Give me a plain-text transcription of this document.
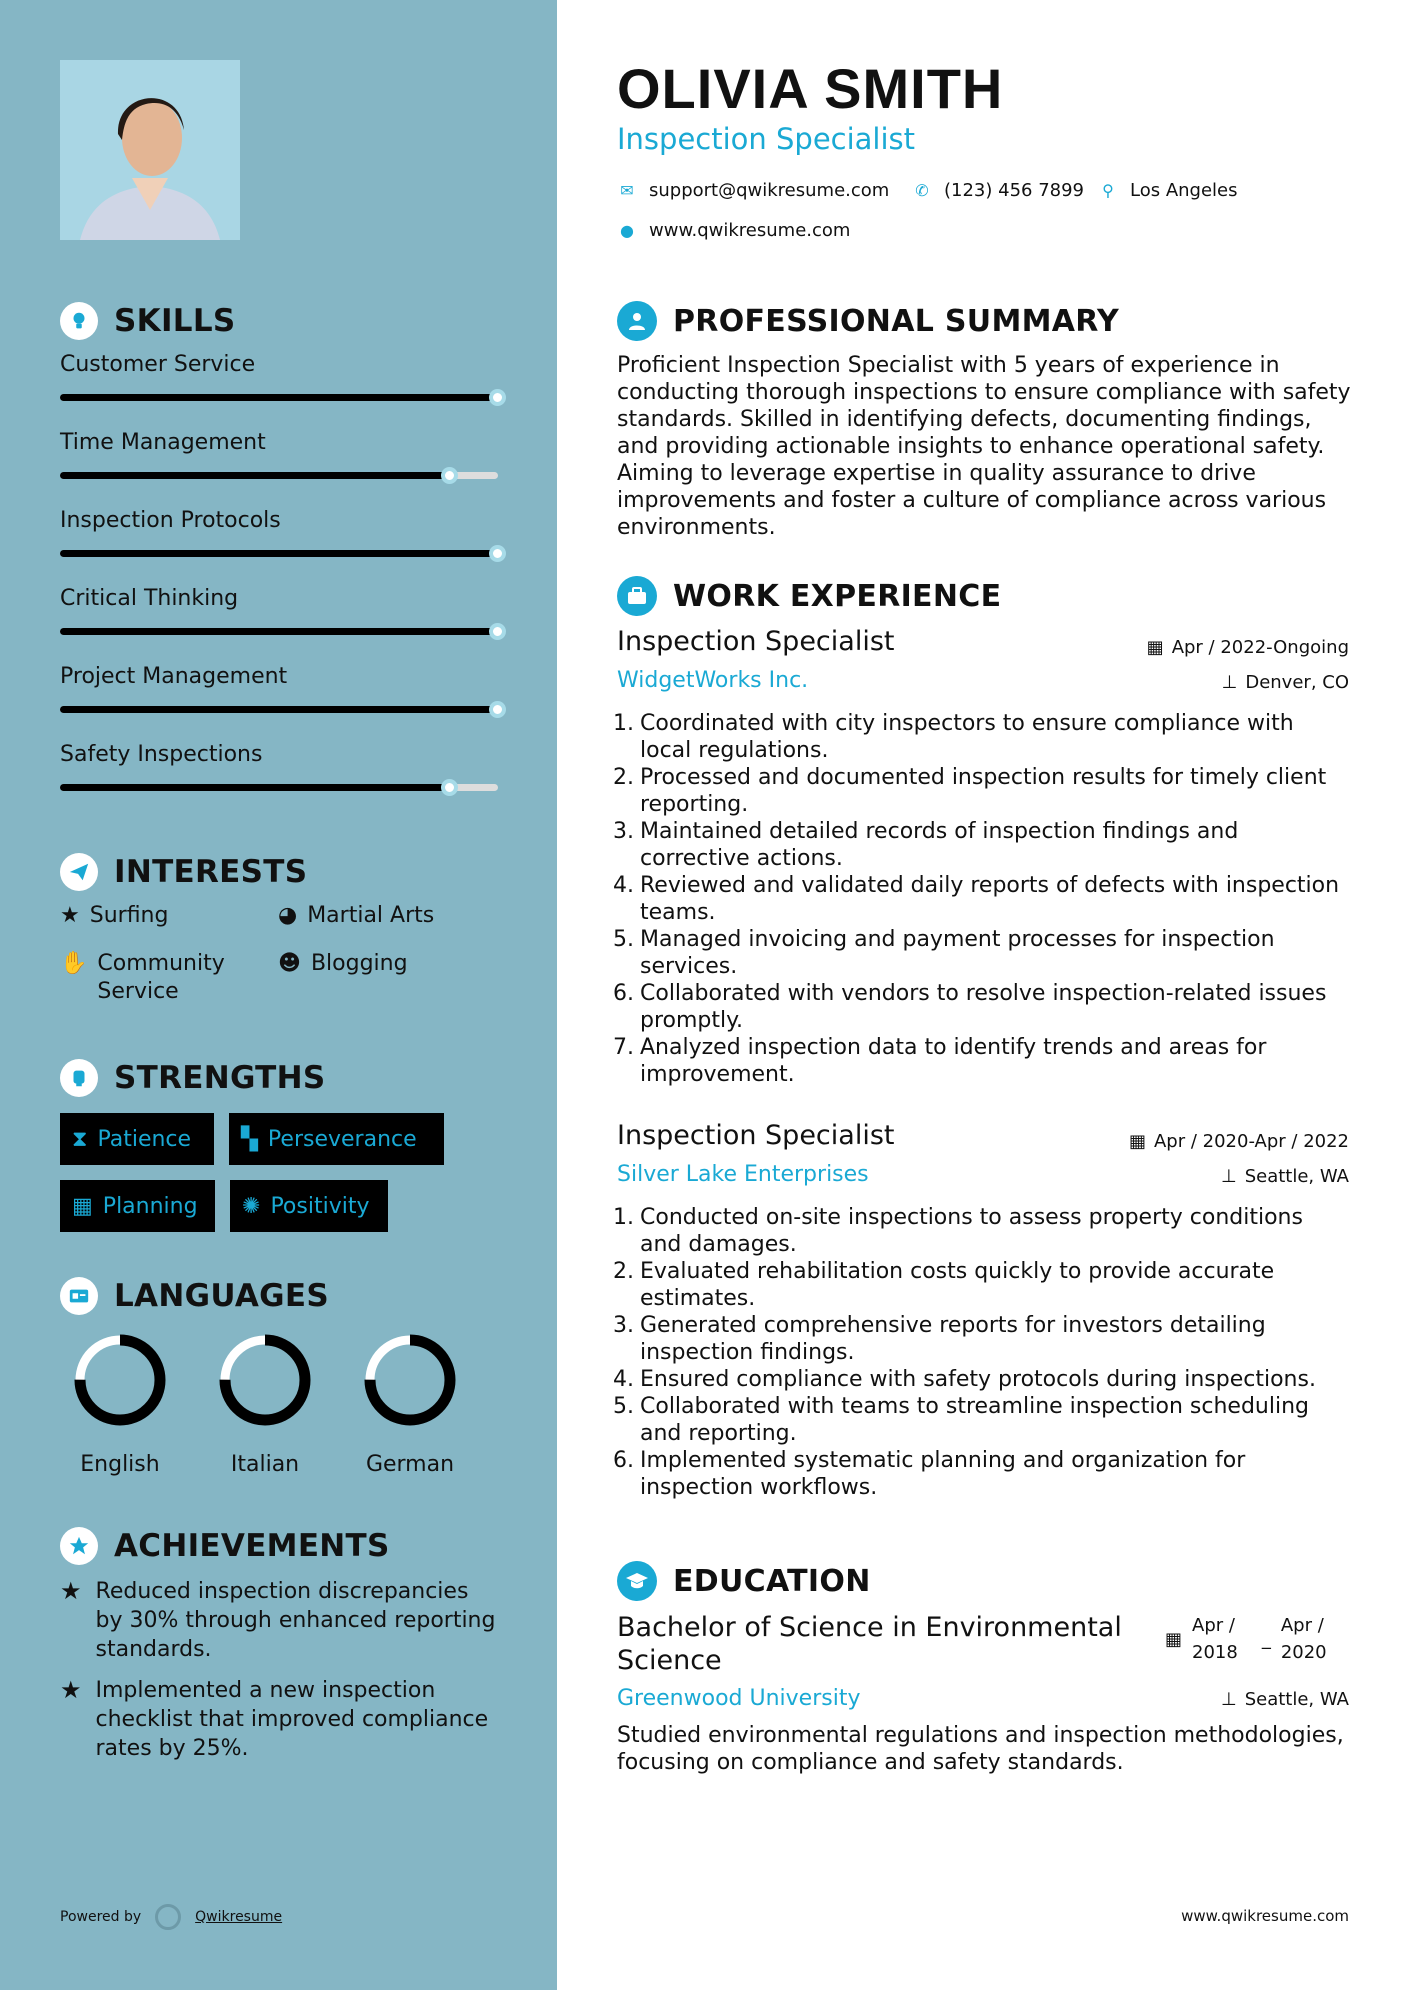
SKILLS
Customer Service
Time Management
Inspection Protocols
Critical Thinking
Project Management
Safety Inspections
INTERESTS
★ Surfing	◕ Martial Arts
✋ Community Service
☻ Blogging
STRENGTHS
⧗ Patience ▚ Perseverance
▦ Planning ✺ Positivity
LANGUAGES
English	Italian	German
ACHIEVEMENTS
★ Reduced inspection discrepancies by 30% through enhanced reporting standards.
★ Implemented a new inspection checklist that improved compliance rates by 25%.
Powered by	Qwikresume
OLIVIA SMITH
Inspection Specialist
✉ support@qwikresume.com ✆ (123) 456 7899 ⚲ Los Angeles
● www.qwikresume.com
PROFESSIONAL SUMMARY
Proficient Inspection Specialist with 5 years of experience in conducting thorough inspections to ensure compliance with safety standards. Skilled in identifying defects, documenting findings, and providing actionable insights to enhance operational safety. Aiming to leverage expertise in quality assurance to drive improvements and foster a culture of compliance across various environments.
WORK EXPERIENCE
Inspection Specialist
WidgetWorks Inc.
▦ Apr / 2022-Ongoing
⊥ Denver, CO
1. Coordinated with city inspectors to ensure compliance with local regulations.
2. Processed and documented inspection results for timely client reporting.
3. Maintained detailed records of inspection findings and corrective actions.
4. Reviewed and validated daily reports of defects with inspection teams.
5. Managed invoicing and payment processes for inspection services.
6. Collaborated with vendors to resolve inspection-related issues promptly.
7. Analyzed inspection data to identify trends and areas for improvement.
Inspection Specialist
Silver Lake Enterprises
▦ Apr / 2020-Apr / 2022
⊥ Seattle, WA
1. Conducted on-site inspections to assess property conditions and damages.
2. Evaluated rehabilitation costs quickly to provide accurate estimates.
3. Generated comprehensive reports for investors detailing inspection findings.
4. Ensured compliance with safety protocols during inspections.
5. Collaborated with teams to streamline inspection scheduling and reporting.
6. Implemented systematic planning and organization for inspection workflows.
EDUCATION
Bachelor of Science in Environmental Science
Greenwood University
▦
Apr /
2018
_
Apr /
2020
⊥ Seattle, WA
Studied environmental regulations and inspection methodologies, focusing on compliance and safety standards.
www.qwikresume.com
